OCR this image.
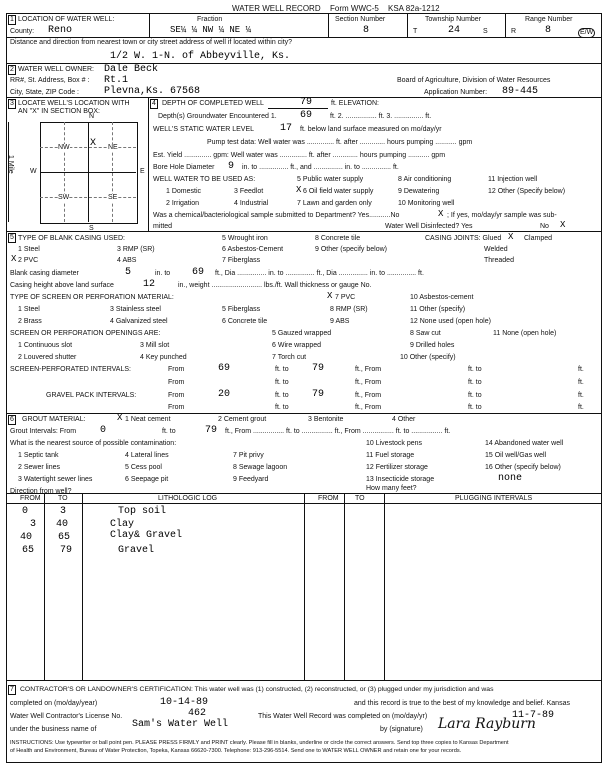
WATER WELL RECORD Form WWC-5 KSA 82a-1212
1 LOCATION OF WATER WELL:	Fraction	Section Number	Township Number	Range Number
County: Reno	SE¼ ¼ NW ¼ NE ¼	8	T	24	S	R	8	E/W
Distance and direction from nearest town or city street address of well if located within city?
1/2 W. 1-N. of Abbeyville, Ks.
2 WATER WELL OWNER: Dale Beck
RR#, St. Address, Box # : Rt.1	Board of Agriculture, Division of Water Resources
City, State, ZIP Code :	Plevna,Ks. 67568	Application Number: 89-445
3 LOCATE WELL'S LOCATION WITH
AN "X" IN SECTION BOX:
N
S
W	E
1 Mile
NW	NE
SW	SE
X
4 DEPTH OF COMPLETED WELL	79	ft. ELEVATION:
Depth(s) Groundwater Encountered 1. 69	ft. 2. ................ ft. 3. ............... ft.
WELL'S STATIC WATER LEVEL	17 ft. below land surface measured on mo/day/yr
Pump test data: Well water was .............. ft. after ............. hours pumping ........... gpm
Est. Yield .............. gpm: Well water was .............. ft. after ............. hours pumping ........... gpm
Bore Hole Diameter 9 in. to ............... ft., and ............... in. to ............... ft.
WELL WATER TO BE USED AS:	5 Public water supply	8 Air conditioning	11 Injection well
1 Domestic	3 Feedlot	6 Oil field water supply
X	9 Dewatering	12 Other (Specify below)
2 Irrigation	4 Industrial	7 Lawn and garden only	10 Monitoring well
Was a chemical/bacteriological sample submitted to Department? Yes...........No	X ; If yes, mo/day/yr sample was sub-
mitted	Water Well Disinfected? Yes	No X
5 TYPE OF BLANK CASING USED:	CASING JOINTS: Glued X Clamped
1 Steel	3 RMP (SR)
5 Wrought iron	8 Concrete tile
Welded
X 2 PVC	4 ABS
6 Asbestos-Cement	9 Other (specify below)
7 Fiberglass	Threaded
Blank casing diameter	5	in. to 69 ft., Dia ............... in. to ............... ft., Dia ............... in. to ............... ft.
Casing height above land surface	12	in., weight .......................... lbs./ft. Wall thickness or gauge No.
TYPE OF SCREEN OR PERFORATION MATERIAL:	X 7 PVC	10 Asbestos-cement
1 Steel	3 Stainless steel	5 Fiberglass	8 RMP (SR)	11 Other (specify)
2 Brass	4 Galvanized steel	6 Concrete tile	9 ABS	12 None used (open hole)
SCREEN OR PERFORATION OPENINGS ARE:	5 Gauzed wrapped	8 Saw cut	11 None (open hole)
1 Continuous slot	3 Mill slot	6 Wire wrapped	9 Drilled holes
2 Louvered shutter	4 Key punched	7 Torch cut	10 Other (specify)
SCREEN-PERFORATED INTERVALS:	From	69	ft. to 79	ft., From	ft. to	ft.
From	ft. to	ft., From	ft. to	ft.
GRAVEL PACK INTERVALS:	From	20	ft. to 79	ft., From	ft. to	ft.
From	ft. to	ft., From	ft. to	ft.
6 GROUT MATERIAL:	X 1 Neat cement	2 Cement grout	3 Bentonite	4 Other
Grout Intervals: From 0	ft. to	79 ft., From ................ ft. to ................ ft., From ................ ft. to ................ ft.
What is the nearest source of possible contamination:	10 Livestock pens	14 Abandoned water well
1 Septic tank	4 Lateral lines	7 Pit privy	11 Fuel storage	15 Oil well/Gas well
2 Sewer lines	5 Cess pool	8 Sewage lagoon	12 Fertilizer storage	16 Other (specify below)
3 Watertight sewer lines	6 Seepage pit	9 Feedyard	13 Insecticide storage	none
Direction from well?	How many feet?
FROM TO	LITHOLOGIC LOG	FROM TO	PLUGGING INTERVALS
0	3	Top soil
3 40	Clay
40	65	Clay& Gravel
65	79	Gravel
7 CONTRACTOR'S OR LANDOWNER'S CERTIFICATION: This water well was (1) constructed, (2) reconstructed, or (3) plugged under my jurisdiction and was
completed on (mo/day/year)	10-14-89	and this record is true to the best of my knowledge and belief. Kansas
Water Well Contractor's License No.	462	This Water Well Record was completed on (mo/day/yr)	11-7-89
under the business name of	Sam's Water Well	by (signature) Lara Rayburn
INSTRUCTIONS: Use typewriter or ball point pen. PLEASE PRESS FIRMLY and PRINT clearly. Please fill in blanks, underline or circle the correct answers. Send top three copies to Kansas Department
of Health and Environment, Bureau of Water Protection, Topeka, Kansas 66620-7300. Telephone: 913-296-5514. Send one to WATER WELL OWNER and retain one for your records.
